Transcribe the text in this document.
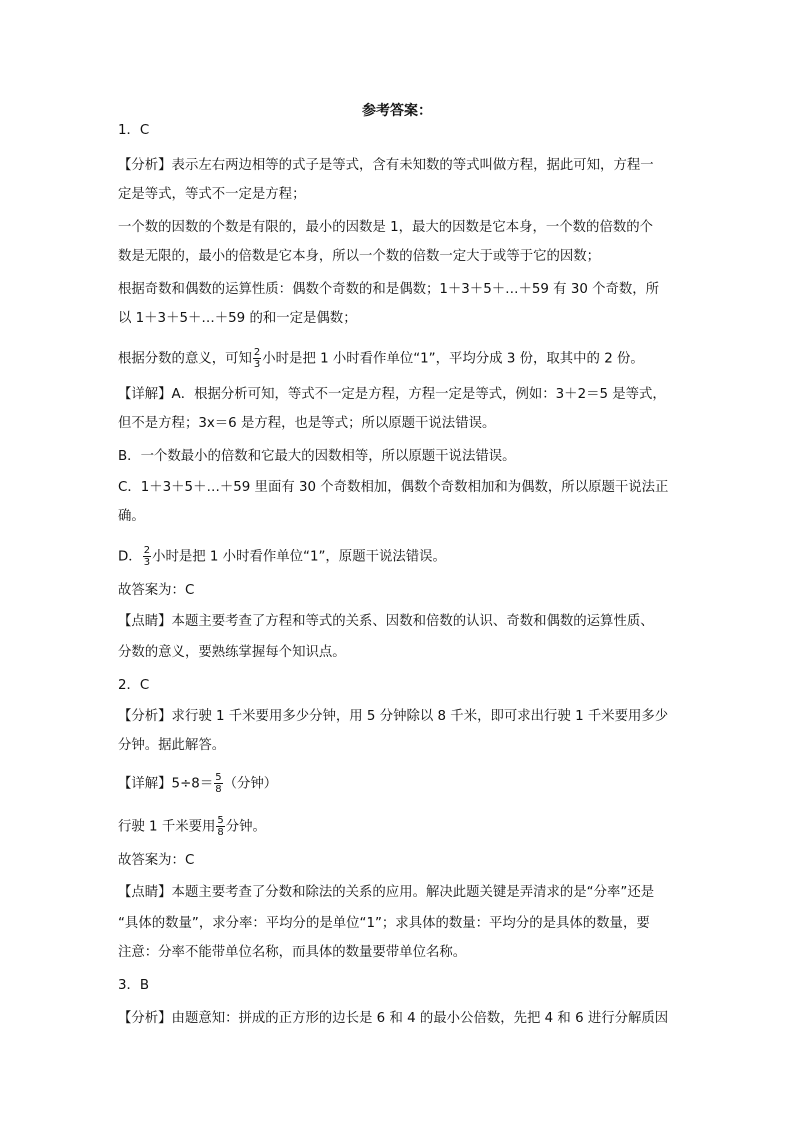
参考答案：
1．C
【分析】表示左右两边相等的式子是等式，含有未知数的等式叫做方程，据此可知，方程一
定是等式，等式不一定是方程；
一个数的因数的个数是有限的，最小的因数是 1，最大的因数是它本身，一个数的倍数的个
数是无限的，最小的倍数是它本身，所以一个数的倍数一定大于或等于它的因数；
根据奇数和偶数的运算性质：偶数个奇数的和是偶数；1＋3＋5＋…＋59 有 30 个奇数，所
以 1＋3＋5＋…＋59 的和一定是偶数；
根据分数的意义，可知 $\frac{2}{3}$ 小时是把 1 小时看作单位“1”，平均分成 3 份，取其中的 2 份。
【详解】A．根据分析可知，等式不一定是方程，方程一定是等式，例如：3＋2＝5 是等式，
但不是方程；3x＝6 是方程，也是等式；所以原题干说法错误。
B．一个数最小的倍数和它最大的因数相等，所以原题干说法错误。
C．1＋3＋5＋…＋59 里面有 30 个奇数相加，偶数个奇数相加和为偶数，所以原题干说法正
确。
D． $\frac{2}{3}$ 小时是把 1 小时看作单位“1”，原题干说法错误。
故答案为：C
【点睛】本题主要考查了方程和等式的关系、因数和倍数的认识、奇数和偶数的运算性质、
分数的意义，要熟练掌握每个知识点。
2．C
【分析】求行驶 1 千米要用多少分钟，用 5 分钟除以 8 千米，即可求出行驶 1 千米要用多少
分钟。据此解答。
【详解】$5\div 8= \frac{5}{8}$ （分钟）
行驶 1 千米要用 $\frac{5}{8}$ 分钟。
故答案为：C
【点睛】本题主要考查了分数和除法的关系的应用。解决此题关键是弄清求的是“分率”还是
“具体的数量”，求分率：平均分的是单位“1”；求具体的数量：平均分的是具体的数量，要
注意：分率不能带单位名称，而具体的数量要带单位名称。
3．B
【分析】由题意知：拼成的正方形的边长是 6 和 4 的最小公倍数，先把 4 和 6 进行分解质因
